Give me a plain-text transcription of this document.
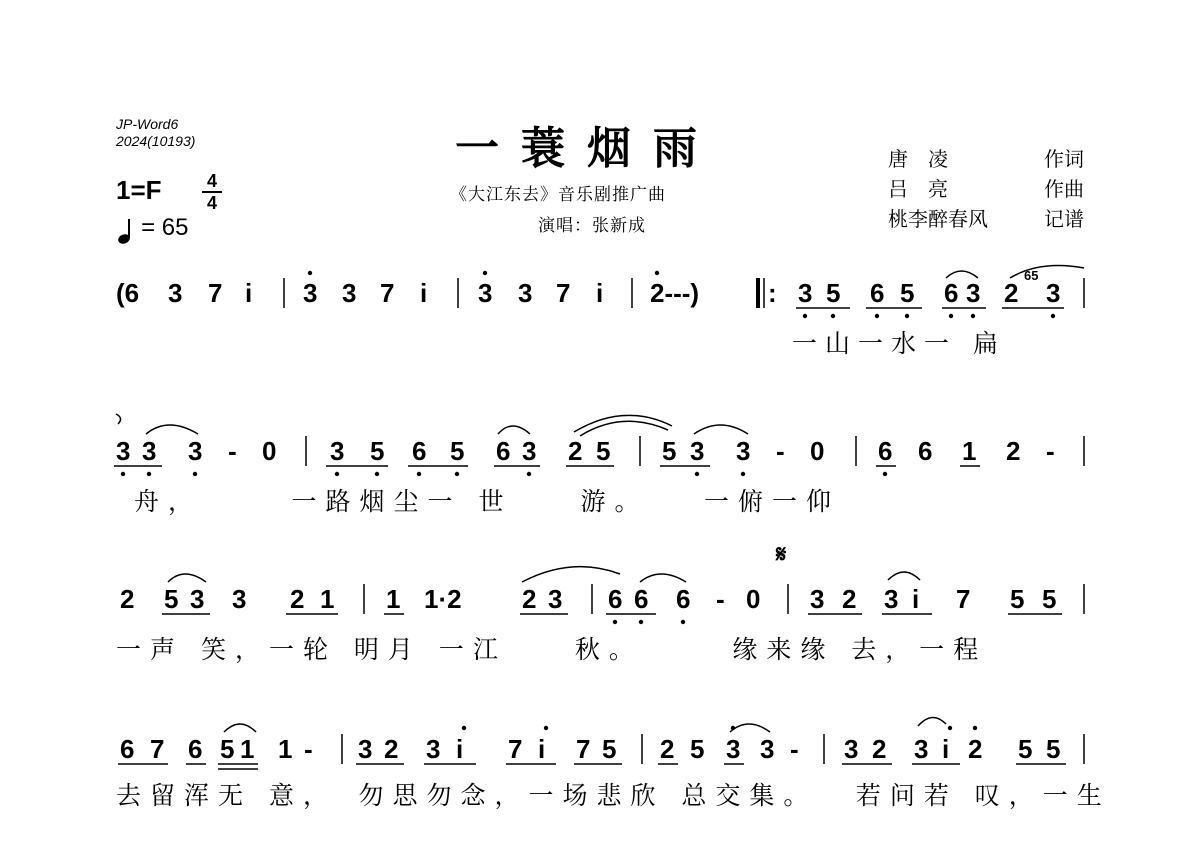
JP-Word6
2024(10193)	一蓑烟雨
《大江东去》音乐剧推广曲
演唱：张新成
唐　凌	作词
吕　亮	作曲
桃李醉春风	记谱
1=F	4
4
= 65
(6 3 7 i 3 3 7 i 3 3 7 i 2---)	: 3 5 6 5 6 3 2 3
65
一山一水一 扁
3 3 3 - 0 3 5 6 5 6 3 2 5 5 3 3 - 0 6 6 1 2 -
舟，　　　一路烟尘一 世　　游。　　一俯一仰
𝄋
2 5 3 3 2 1 1 1·2 2 3 6 6 6 - 0 3 2 3 i 7 5 5
一声 笑，一轮 明月 一江　　秋。　　　缘来缘 去，一程
6 7 6 5 1 1 - 3 2 3 i 7 i 7 5 2 5 3 3 - 3 2 3 i 2 5 5
去留浑无 意，　勿思勿念，一场悲欣 总交集。　 若问若 叹，一生
